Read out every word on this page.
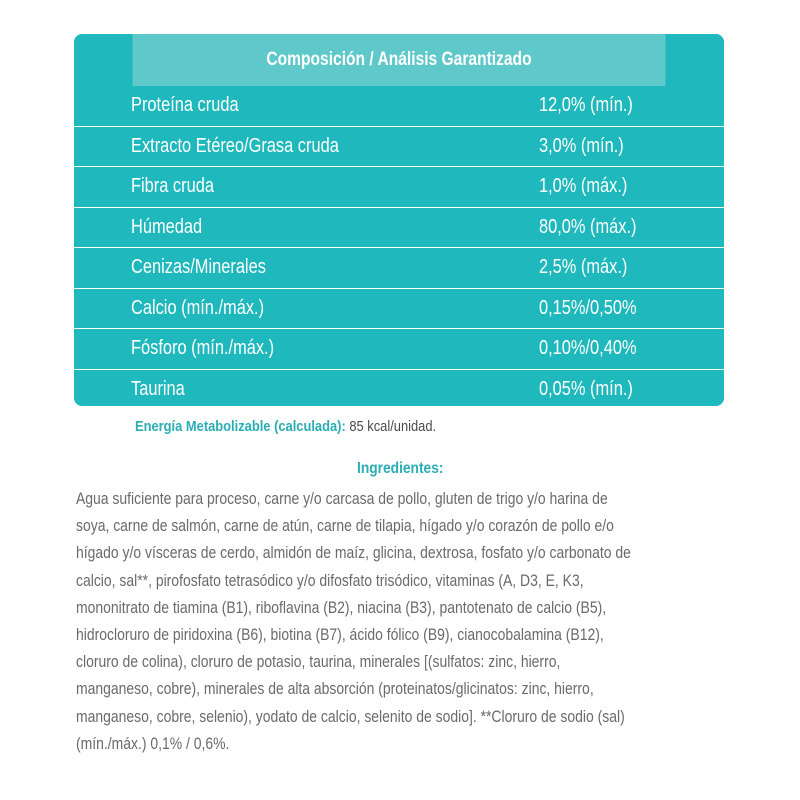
Composición / Análisis Garantizado
Proteína cruda	12,0% (mín.)
Extracto Etéreo/Grasa cruda	3,0% (mín.)
Fibra cruda	1,0% (máx.)
Húmedad	80,0% (máx.)
Cenizas/Minerales	2,5% (máx.)
Calcio (mín./máx.)	0,15%/0,50%
Fósforo (mín./máx.)	0,10%/0,40%
Taurina	0,05% (mín.)
Energía Metabolizable (calculada): 85 kcal/unidad.
Ingredientes:
Agua suficiente para proceso, carne y/o carcasa de pollo, gluten de trigo y/o harina de
soya, carne de salmón, carne de atún, carne de tilapia, hígado y/o corazón de pollo e/o
hígado y/o vísceras de cerdo, almidón de maíz, glicina, dextrosa, fosfato y/o carbonato de
calcio, sal**, pirofosfato tetrasódico y/o difosfato trisódico, vitaminas (A, D3, E, K3,
mononitrato de tiamina (B1), riboflavina (B2), niacina (B3), pantotenato de calcio (B5),
hidrocloruro de piridoxina (B6), biotina (B7), ácido fólico (B9), cianocobalamina (B12),
cloruro de colina), cloruro de potasio, taurina, minerales [(sulfatos: zinc, hierro,
manganeso, cobre), minerales de alta absorción (proteinatos/glicinatos: zinc, hierro,
manganeso, cobre, selenio), yodato de calcio, selenito de sodio]. **Cloruro de sodio (sal)
(mín./máx.) 0,1% / 0,6%.
